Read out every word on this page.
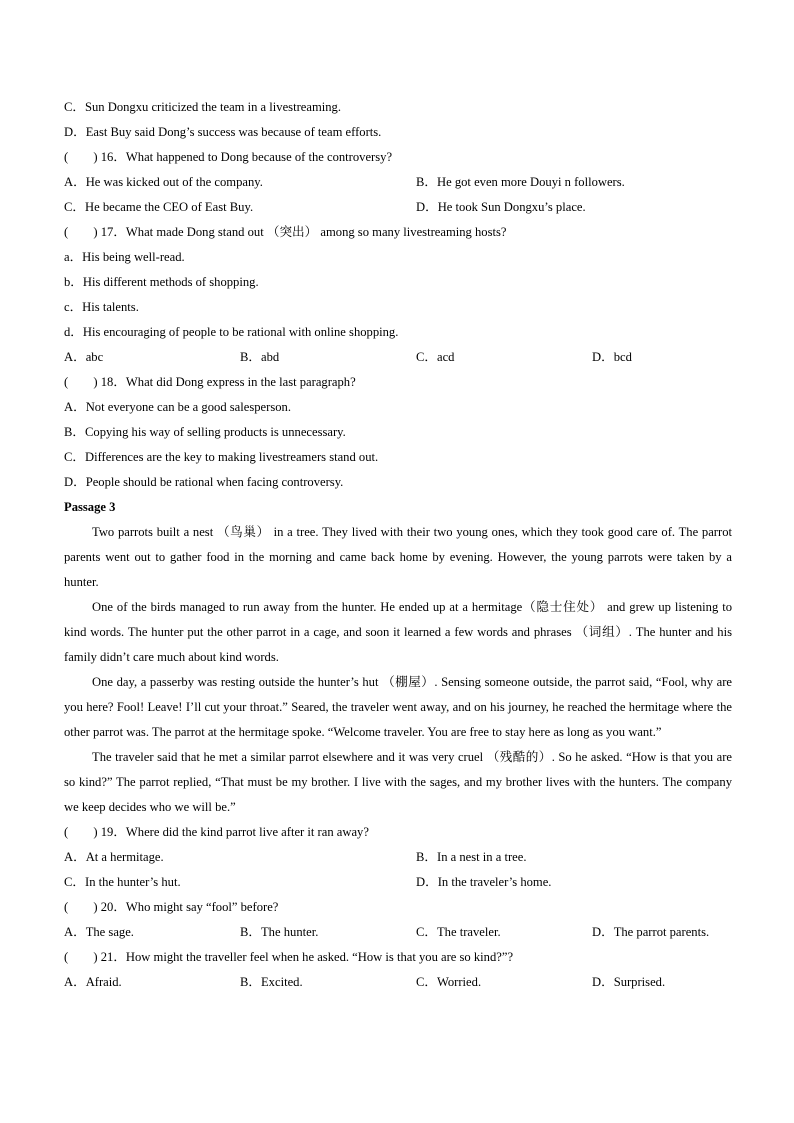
C．Sun Dongxu criticized the team in a livestreaming.
D．East Buy said Dong’s success was because of team efforts.
(　　) 16．What happened to Dong because of the controversy?
A．He was kicked out of the company.	B．He got even more Douyi n followers.
C．He became the CEO of East Buy.	D．He took Sun Dongxu’s place.
(　　) 17．What made Dong stand out （突出） among so many livestreaming hosts?
a．His being well-read.
b．His different methods of shopping.
c．His talents.
d．His encouraging of people to be rational with online shopping.
A．abc	B．abd	C．acd	D．bcd
(　　) 18．What did Dong express in the last paragraph?
A．Not everyone can be a good salesperson.
B．Copying his way of selling products is unnecessary.
C．Differences are the key to making livestreamers stand out.
D．People should be rational when facing controversy.
Passage 3
Two parrots built a nest （鸟巢） in a tree. They lived with their two young ones, which they took good care of. The parrot parents went out to gather food in the morning and came back home by evening. However, the young parrots were taken by a hunter.
One of the birds managed to run away from the hunter. He ended up at a hermitage（隐士住处） and grew up listening to kind words. The hunter put the other parrot in a cage, and soon it learned a few words and phrases （词组）. The hunter and his family didn’t care much about kind words.
One day, a passerby was resting outside the hunter’s hut （棚屋）. Sensing someone outside, the parrot said, “Fool, why are you here? Fool! Leave! I’ll cut your throat.” Seared, the traveler went away, and on his journey, he reached the hermitage where the other parrot was. The parrot at the hermitage spoke. “Welcome traveler. You are free to stay here as long as you want.”
The traveler said that he met a similar parrot elsewhere and it was very cruel （残酷的）. So he asked. “How is that you are so kind?” The parrot replied, “That must be my brother. I live with the sages, and my brother lives with the hunters. The company we keep decides who we will be.”
(　　) 19．Where did the kind parrot live after it ran away?
A．At a hermitage.	B．In a nest in a tree.
C．In the hunter’s hut.	D．In the traveler’s home.
(　　) 20．Who might say “fool” before?
A．The sage.	B．The hunter.	C．The traveler.	D．The parrot parents.
(　　) 21．How might the traveller feel when he asked. “How is that you are so kind?”?
A．Afraid.	B．Excited.	C．Worried.	D．Surprised.
